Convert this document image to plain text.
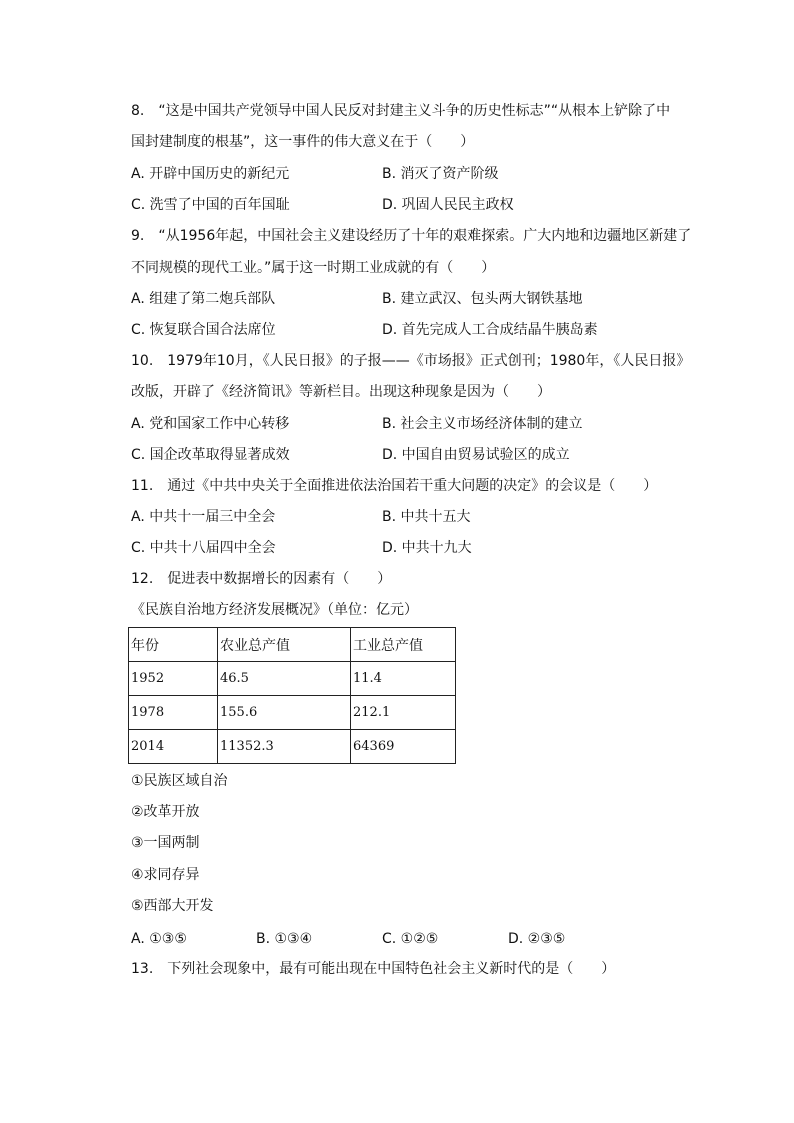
8.　“这是中国共产党领导中国人民反对封建主义斗争的历史性标志”“从根本上铲除了中
国封建制度的根基”，这一事件的伟大意义在于（　　）
A. 开辟中国历史的新纪元	B. 消灭了资产阶级
C. 洗雪了中国的百年国耻	D. 巩固人民民主政权
9.　“从1956年起，中国社会主义建设经历了十年的艰难探索。广大内地和边疆地区新建了
不同规模的现代工业。”属于这一时期工业成就的有（　　）
A. 组建了第二炮兵部队	B. 建立武汉、包头两大钢铁基地
C. 恢复联合国合法席位	D. 首先完成人工合成结晶牛胰岛素
10.　1979年10月，《人民日报》的子报——《市场报》正式创刊；1980年，《人民日报》
改版，开辟了《经济简讯》等新栏目。出现这种现象是因为（　　）
A. 党和国家工作中心转移	B. 社会主义市场经济体制的建立
C. 国企改革取得显著成效	D. 中国自由贸易试验区的成立
11.　通过《中共中央关于全面推进依法治国若干重大问题的决定》的会议是（　　）
A. 中共十一届三中全会	B. 中共十五大
C. 中共十八届四中全会	D. 中共十九大
12.　促进表中数据增长的因素有（　　）
《民族自治地方经济发展概况》（单位：亿元）
年份	农业总产值	工业总产值
1952	46.5	11.4
1978	155.6	212.1
2014	11352.3	64369
①民族区域自治
②改革开放
③一国两制
④求同存异
⑤西部大开发
A. ①③⑤	B. ①③④	C. ①②⑤	D. ②③⑤
13.　下列社会现象中，最有可能出现在中国特色社会主义新时代的是（　　）
